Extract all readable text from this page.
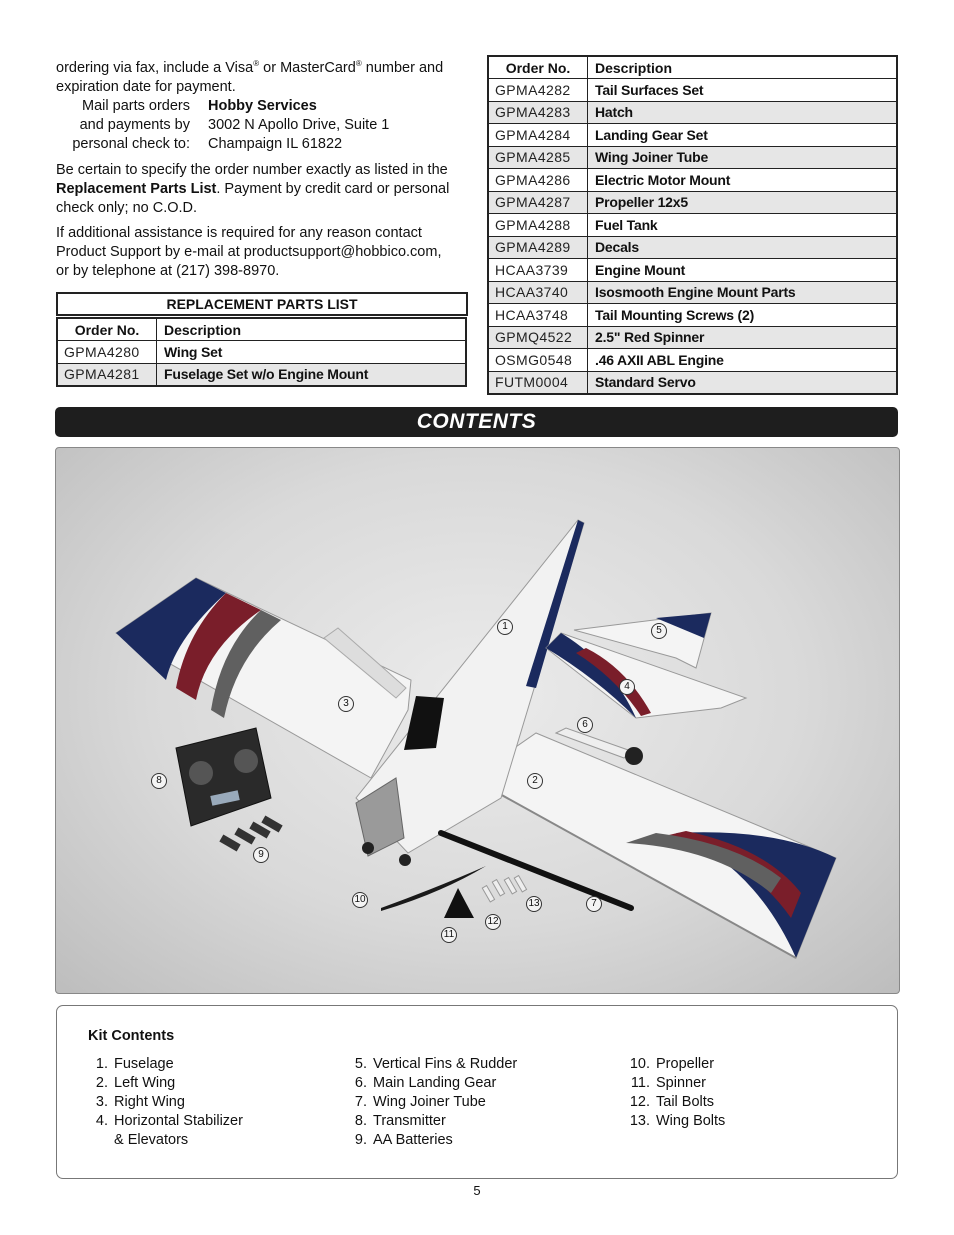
ordering via fax, include a Visa® or MasterCard® number and
expiration date for payment.
Mail parts orders	Hobby Services
and payments by	3002 N Apollo Drive, Suite 1
personal check to:	Champaign IL 61822
Be certain to specify the order number exactly as listed in the
Replacement Parts List. Payment by credit card or personal
check only; no C.O.D.
If additional assistance is required for any reason contact
Product Support by e-mail at productsupport@hobbico.com,
or by telephone at (217) 398-8970.
REPLACEMENT PARTS LIST
Order No.	Description
GPMA4280	Wing Set
GPMA4281	Fuselage Set w/o Engine Mount
Order No.	Description
GPMA4282	Tail Surfaces Set
GPMA4283	Hatch
GPMA4284	Landing Gear Set
GPMA4285	Wing Joiner Tube
GPMA4286	Electric Motor Mount
GPMA4287	Propeller 12x5
GPMA4288	Fuel Tank
GPMA4289	Decals
HCAA3739	Engine Mount
HCAA3740	Isosmooth Engine Mount Parts
HCAA3748	Tail Mounting Screws (2)
GPMQ4522	2.5" Red Spinner
OSMG0548	.46 AXII ABL Engine
FUTM0004	Standard Servo
CONTENTS
1
2
3
4
5
6
7
8
9
10
11
12
13
Kit Contents
1. Fuselage
2. Left Wing
3. Right Wing
4. Horizontal Stabilizer
& Elevators
5. Vertical Fins & Rudder
6. Main Landing Gear
7. Wing Joiner Tube
8. Transmitter
9. AA Batteries
10. Propeller
11. Spinner
12. Tail Bolts
13. Wing Bolts
5
